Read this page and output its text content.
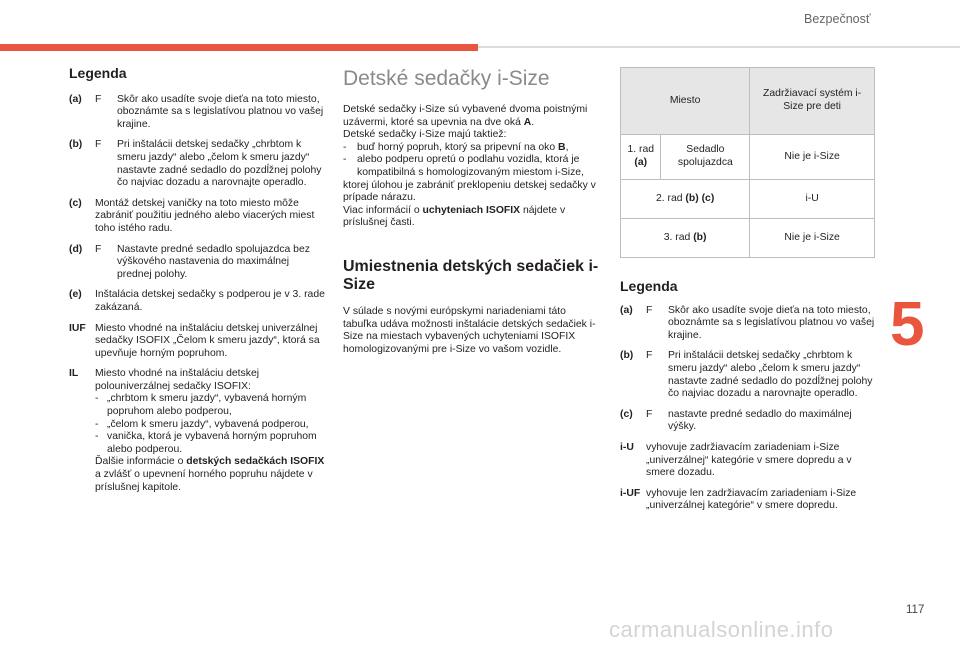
Bezpečnosť
5
117
carmanualsonline.info
Legenda
(a) F Skôr ako usadíte svoje dieťa na toto miesto, oboznámte sa s legislatívou platnou vo vašej krajine.
(b) F Pri inštalácii detskej sedačky „chrbtom k smeru jazdy“ alebo „čelom k smeru jazdy“ nastavte zadné sedadlo do pozdĺžnej polohy čo najviac dozadu a narovnajte operadlo.
(c) Montáž detskej vaničky na toto miesto môže zabrániť použitiu jedného alebo viacerých miest toho istého radu.
(d) F Nastavte predné sedadlo spolujazdca bez výškového nastavenia do maximálnej prednej polohy.
(e) Inštalácia detskej sedačky s podperou je v 3. rade zakázaná.
IUF Miesto vhodné na inštaláciu detskej univerzálnej sedačky ISOFIX „Čelom k smeru jazdy“, ktorá sa upevňuje horným popruhom.
IL Miesto vhodné na inštaláciu detskej polouniverzálnej sedačky ISOFIX:
- „chrbtom k smeru jazdy“, vybavená horným popruhom alebo podperou,
- „čelom k smeru jazdy“, vybavená podperou,
- vanička, ktorá je vybavená horným popruhom alebo podperou.
Ďalšie informácie o detských sedačkách ISOFIX a zvlášť o upevnení horného popruhu nájdete v príslušnej kapitole.
Detské sedačky i-Size

Detské sedačky i-Size sú vybavené dvoma poistnými uzávermi, ktoré sa upevnia na dve oká A.

Detské sedačky i-Size majú taktiež:

- buď horný popruh, ktorý sa pripevní na oko B,
- alebo podperu opretú o podlahu vozidla, ktorá je kompatibilná s homologizovaným miestom i-Size,

ktorej úlohou je zabrániť preklopeniu detskej sedačky v prípade nárazu.

Viac informácií o uchyteniach ISOFIX nájdete v príslušnej časti.

Umiestnenia detských sedačiek i-Size

V súlade s novými európskymi nariadeniami táto tabuľka udáva možnosti inštalácie detských sedačiek i-Size na miestach vybavených uchyteniami ISOFIX homologizovanými pre i-Size vo vašom vozidle.

Miesto		Zadržiavací systém i-Size pre deti
1. rad (a)	Sedadlo spolujazdca	Nie je i-Size
2. rad (b) (c)		i-U
3. rad (b)		Nie je i-Size
Legenda
(a) F Skôr ako usadíte svoje dieťa na toto miesto, oboznámte sa s legislatívou platnou vo vašej krajine.
(b) F Pri inštalácii detskej sedačky „chrbtom k smeru jazdy“ alebo „čelom k smeru jazdy“ nastavte zadné sedadlo do pozdĺžnej polohy čo najviac dozadu a narovnajte operadlo.
(c) F nastavte predné sedadlo do maximálnej výšky.
i-U vyhovuje zadržiavacím zariadeniam i-Size „univerzálnej“ kategórie v smere dopredu a v smere dozadu.
i-UF vyhovuje len zadržiavacím zariadeniam i-Size „univerzálnej kategórie“ v smere dopredu.
